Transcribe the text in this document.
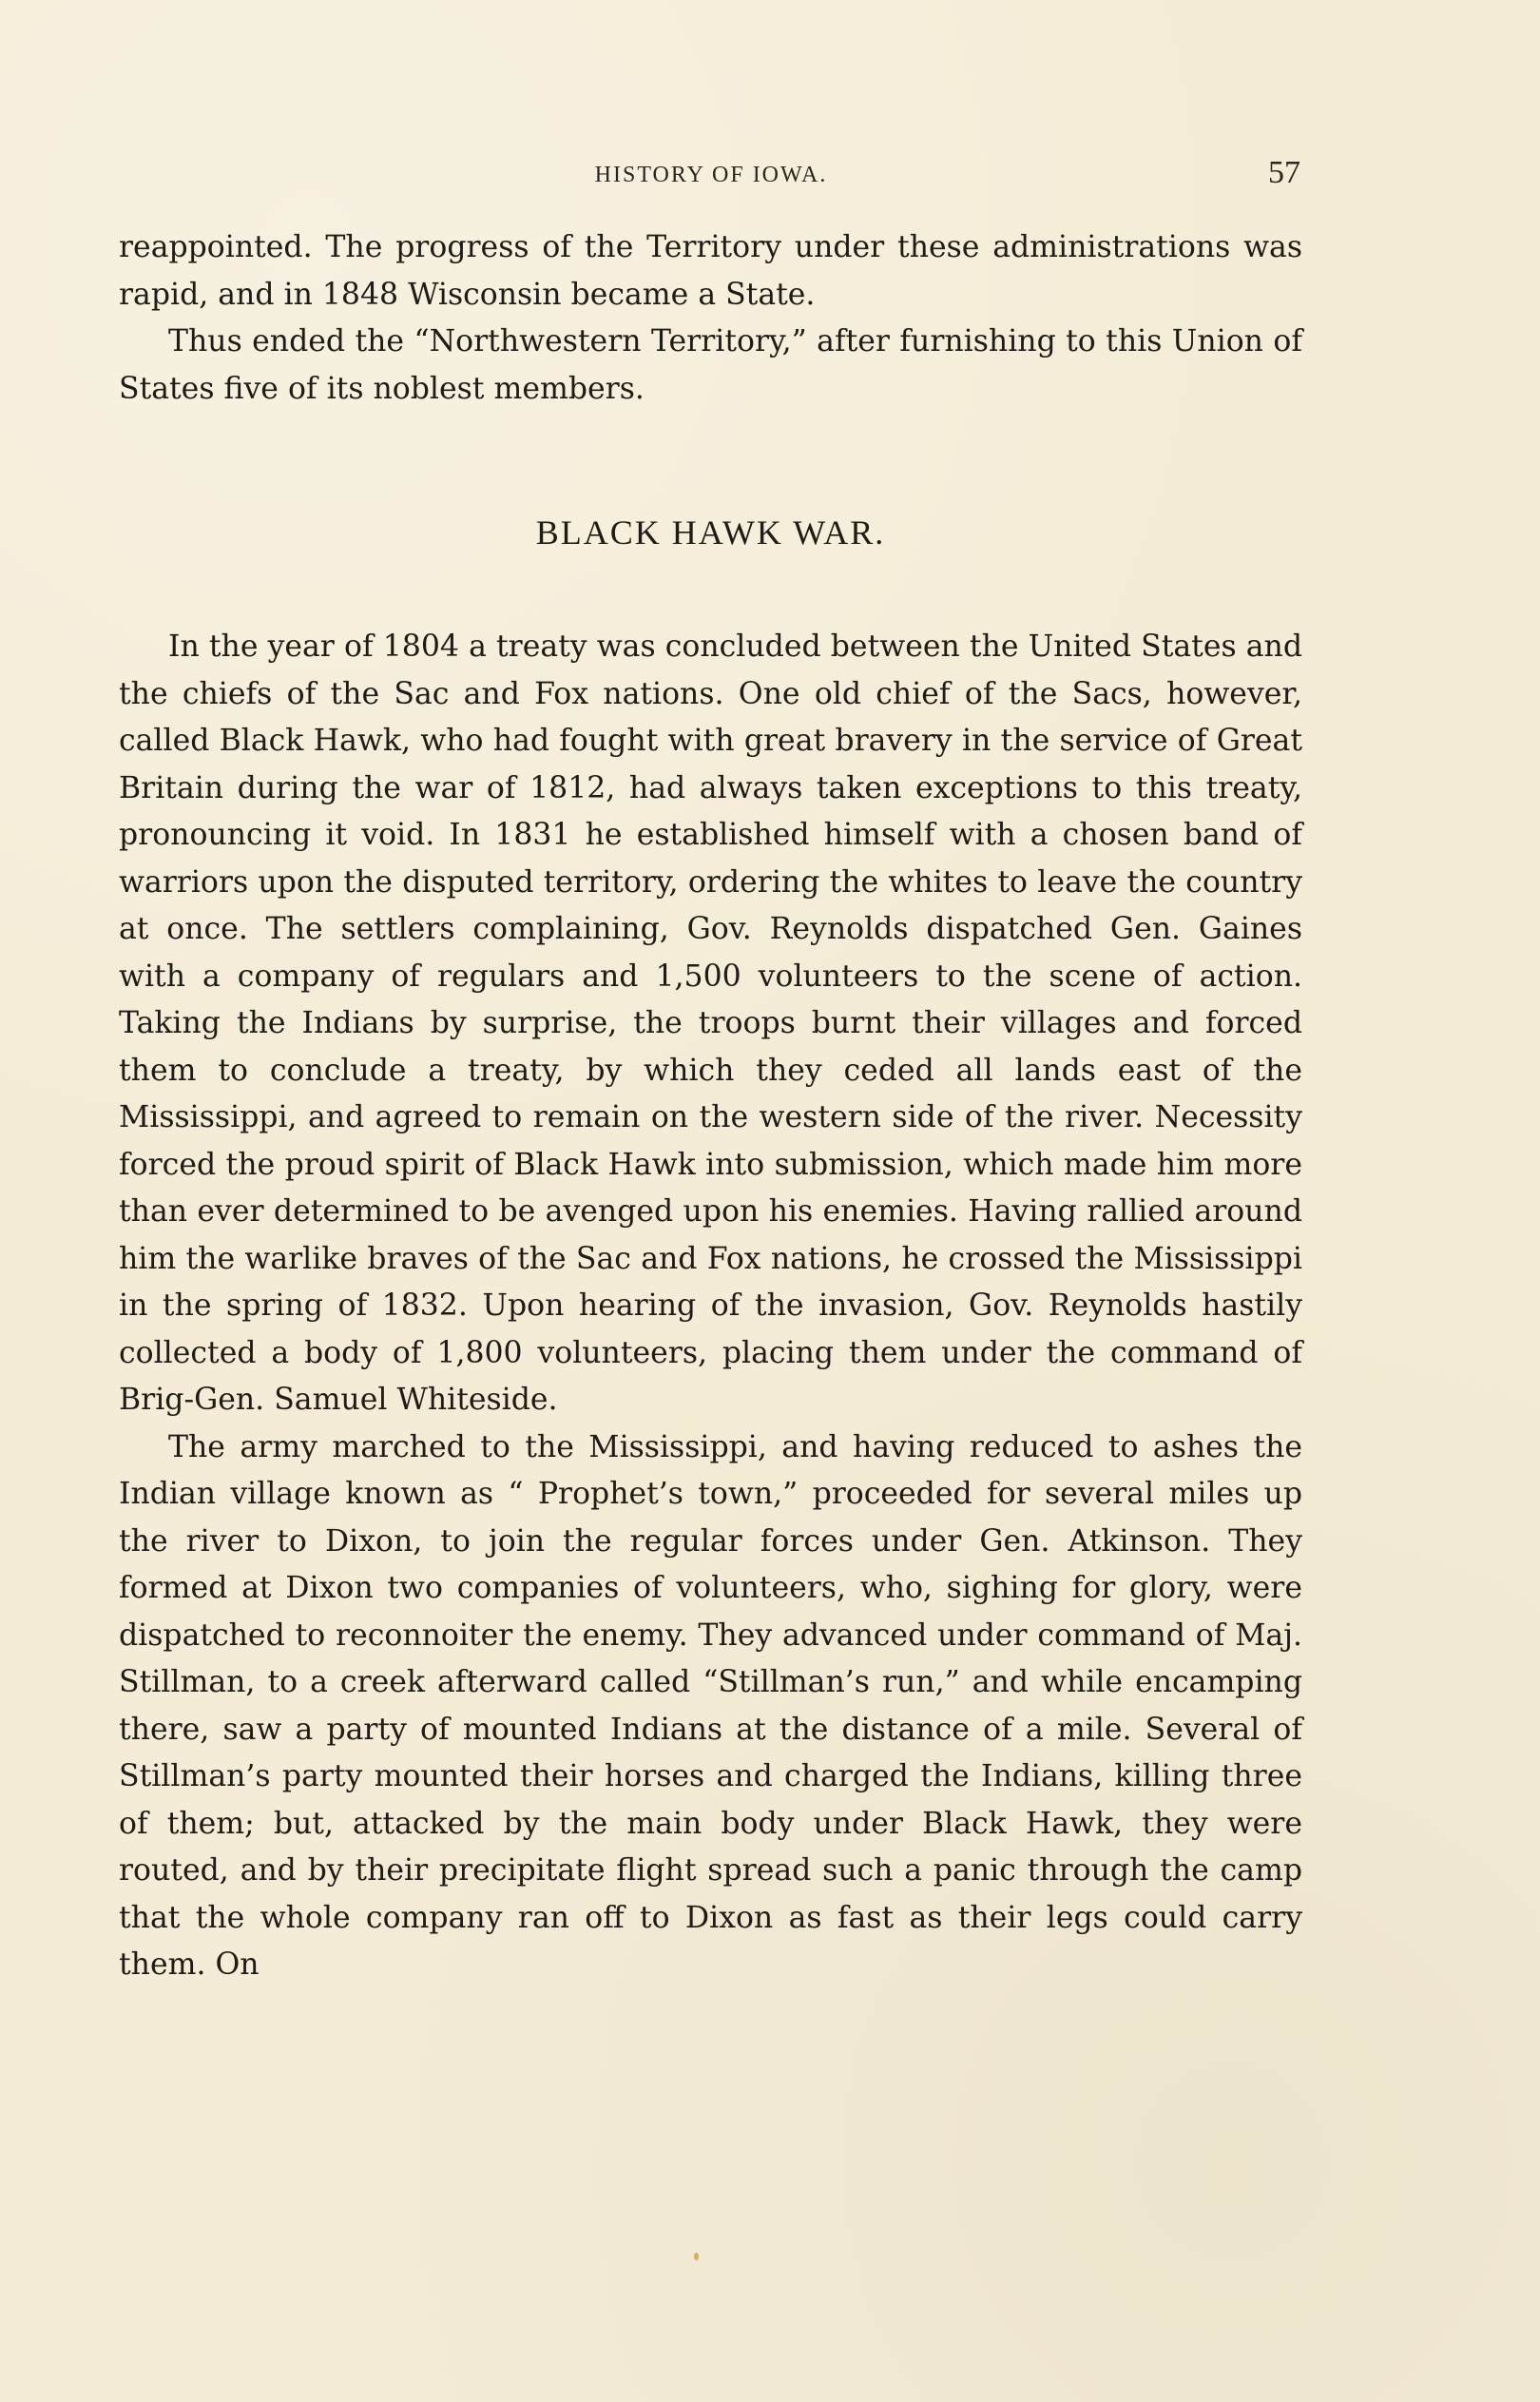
HISTORY OF IOWA.	57

reappointed. The progress of the Territory under these administrations was rapid, and in 1848 Wisconsin became a State.

Thus ended the “Northwestern Territory,” after furnishing to this Union of States five of its noblest members.

BLACK HAWK WAR.

In the year of 1804 a treaty was concluded between the United States and the chiefs of the Sac and Fox nations. One old chief of the Sacs, however, called Black Hawk, who had fought with great bravery in the service of Great Britain during the war of 1812, had always taken exceptions to this treaty, pronouncing it void. In 1831 he established himself with a chosen band of warriors upon the disputed territory, ordering the whites to leave the country at once. The settlers complaining, Gov. Reynolds dispatched Gen. Gaines with a company of regulars and 1,500 volunteers to the scene of action. Taking the Indians by surprise, the troops burnt their villages and forced them to conclude a treaty, by which they ceded all lands east of the Mississippi, and agreed to remain on the western side of the river. Necessity forced the proud spirit of Black Hawk into submission, which made him more than ever determined to be avenged upon his enemies. Having rallied around him the warlike braves of the Sac and Fox nations, he crossed the Mississippi in the spring of 1832. Upon hearing of the invasion, Gov. Reynolds hastily collected a body of 1,800 volunteers, placing them under the command of Brig-Gen. Samuel Whiteside.

The army marched to the Mississippi, and having reduced to ashes the Indian village known as “ Prophet’s town,” proceeded for several miles up the river to Dixon, to join the regular forces under Gen. Atkinson. They formed at Dixon two companies of volunteers, who, sighing for glory, were dispatched to reconnoiter the enemy. They advanced under command of Maj. Stillman, to a creek afterward called “Stillman’s run,” and while encamping there, saw a party of mounted Indians at the distance of a mile. Several of Stillman’s party mounted their horses and charged the Indians, killing three of them; but, attacked by the main body under Black Hawk, they were routed, and by their precipitate flight spread such a panic through the camp that the whole company ran off to Dixon as fast as their legs could carry them. On
